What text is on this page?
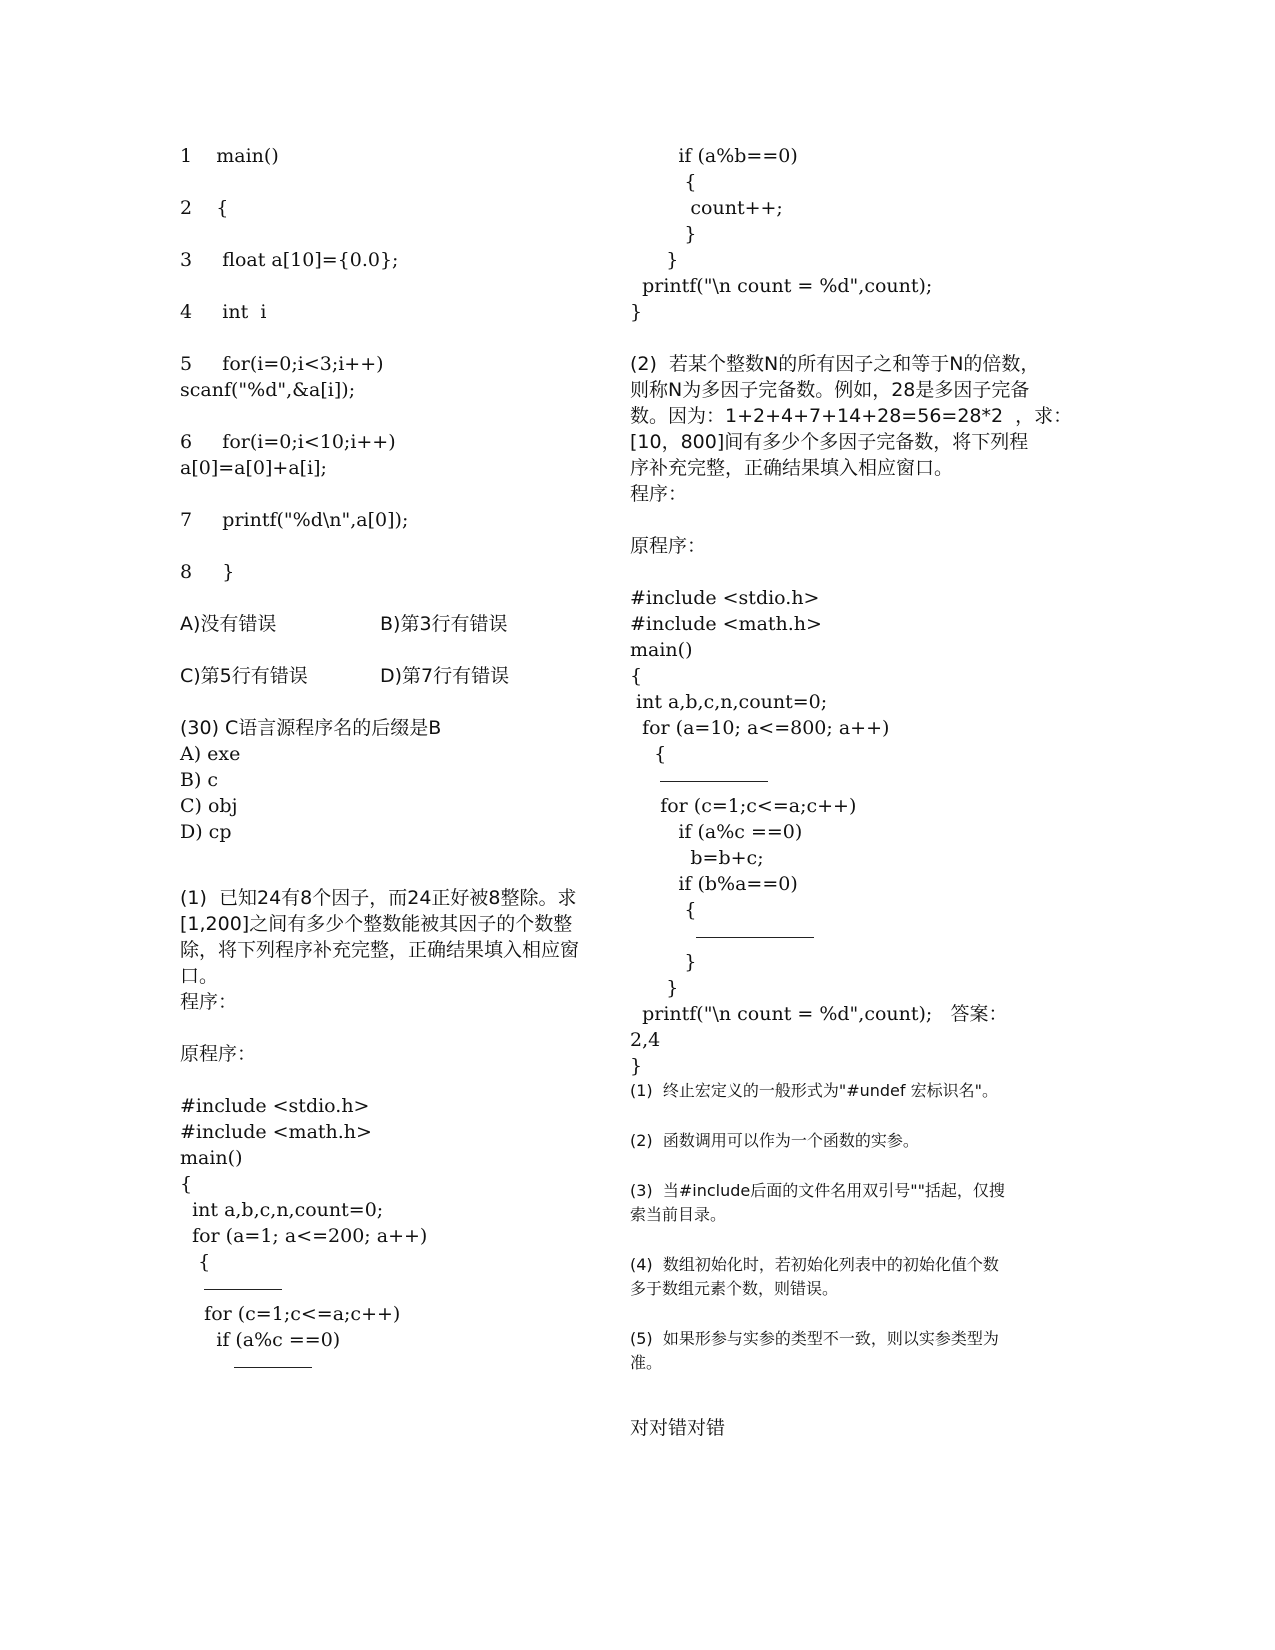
1    main()
2    {
3     float a[10]={0.0};
4     int  i
5     for(i=0;i<3;i++)
scanf("%d",&a[i]);
6     for(i=0;i<10;i++)
a[0]=a[0]+a[i];
7     printf("%d\n",a[0]);
8     }
A)没有错误	B)第3行有错误
C)第5行有错误	D)第7行有错误
(30) C语言源程序名的后缀是B
A) exe
B) c
C) obj
D) cp
(1)  已知24有8个因子，而24正好被8整除。求
[1,200]之间有多少个整数能被其因子的个数整
除，将下列程序补充完整，正确结果填入相应窗
口。
程序：
原程序：
#include <stdio.h>
#include <math.h>
main()
{
int a,b,c,n,count=0;
for (a=1; a<=200; a++)
{

for (c=1;c<=a;c++)
if (a%c ==0)

if (a%b==0)
{
count++;
}
}
printf("\n count = %d",count);
}
(2)  若某个整数N的所有因子之和等于N的倍数，
则称N为多因子完备数。例如，28是多因子完备
数。因为：1+2+4+7+14+28=56=28*2  ，求：
[10，800]间有多少个多因子完备数，将下列程
序补充完整，正确结果填入相应窗口。
程序：
原程序：
#include <stdio.h>
#include <math.h>
main()
{
int a,b,c,n,count=0;
for (a=10; a<=800; a++)
{

for (c=1;c<=a;c++)
if (a%c ==0)
b=b+c;
if (b%a==0)
{

}
}
printf("\n count = %d",count);   答案：
2,4
}
(1)  终止宏定义的一般形式为"#undef 宏标识名"。
(2)  函数调用可以作为一个函数的实参。
(3)  当#include后面的文件名用双引号""括起，仅搜
索当前目录。
(4)  数组初始化时，若初始化列表中的初始化值个数
多于数组元素个数，则错误。
(5)  如果形参与实参的类型不一致，则以实参类型为
准。
对对错对错
